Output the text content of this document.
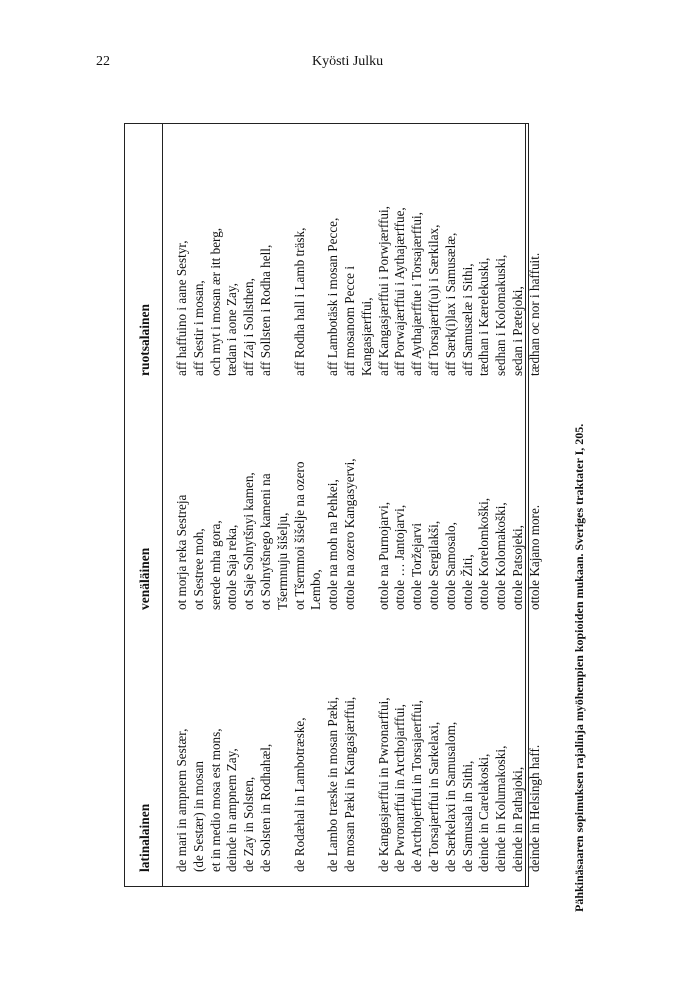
22	Kyösti Julku
latinalainen
venäläinen
ruotsalainen
de mari in ampnem Sestær, (de Sestær) in mosan et in medio mosa est mons, deinde in ampnem Zay, de Zay in Solsten, de Solsten in Rodhahæl, de Rodæhal in Lambotræske, de Lambo træske in mosan Pæki, de mosan Pæki in Kangasjærffui, de Kangasjærffui in Pwronarffui, de Pwronarffui in Arcthojarffui, de Arcthojerffui in Torsajaerffui, de Torsajærffui in Sarkelaxi, de Særkelaxi in Samusalom, de Samusala in Sithi, deinde in Carelakoski, deinde in Kolumakoski, deinde in Pathajoki, deinde in Helsingh haff.
ot morja reka Sestreja ot Sestree moh, serede mha gora, ottole Saja reka, ot Saje Solnytšnyi kamen, ot Solnytšnego kameni na Tšermnuju šišelju, ot Tšermnoi šišelje na ozero Lembo, ottole na moh na Pehkei, ottole na ozero Kangasyervi, ottole na Purnojarvi, ottole … Jantojarvi, ottole Toržejarvi ottole Sergilakši, ottole Samosalo, ottole Žiti, ottole Korelomkoški, ottole Kolomakoški, ottole Patsojeki, ottole Kajano more.
aff haffuino i aane Sestyr, aff Sestir i mosan, och myt i mosan ær itt berg, tædan i aone Zay, aff Zaj i Sollsthen, aff Sollsten i Rodha hell, aff Rodha hall i Lamb träsk, aff Lambotäsk i mosan Pecce, aff mosanom Pecce i Kangasjærffui, aff Kangasjærffui i Porwjærffui, aff Porwajærffui i Aythajærffue, aff Aythajærffue i Torsajærffui, aff Torsajærff(u)i i Særkilax, aff Særk(i)lax i Samusælæ, aff Samusælæ i Sithi, tædhan i Kærelekuski, sedhan i Kolomakuski, sedan i Pætejoki, tædhan oc nor i haffuit.
Pähkinäsaaren sopimuksen rajalinja myöhempien kopioiden mukaan. Sveriges traktater I, 205.
